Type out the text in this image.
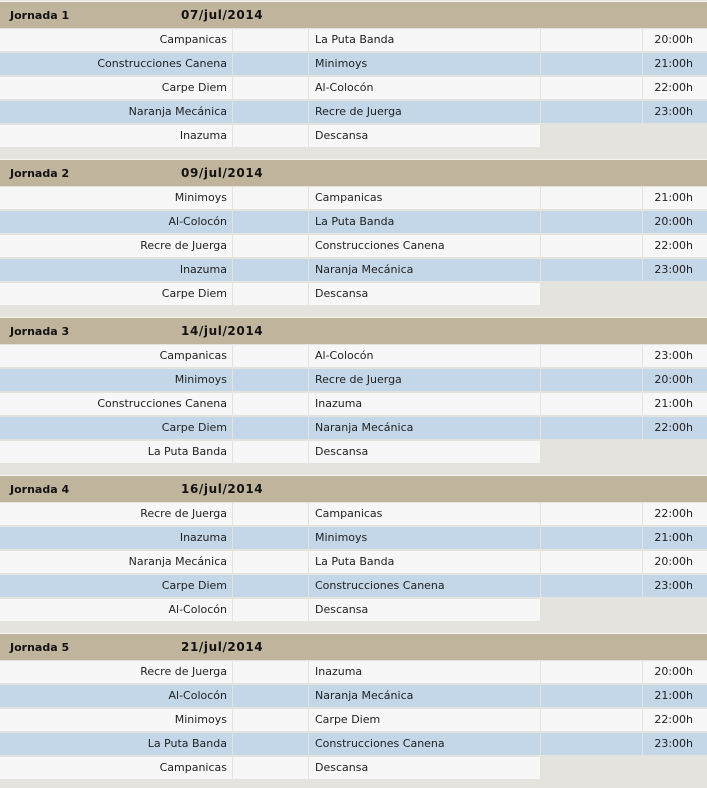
Jornada 1	07/jul/2014
Campanicas	La Puta Banda	20:00h
Construcciones Canena	Minimoys	21:00h
Carpe Diem	Al-Colocón	22:00h
Naranja Mecánica	Recre de Juerga	23:00h
Inazuma	Descansa
Jornada 2	09/jul/2014
Minimoys	Campanicas	21:00h
Al-Colocón	La Puta Banda	20:00h
Recre de Juerga	Construcciones Canena	22:00h
Inazuma	Naranja Mecánica	23:00h
Carpe Diem	Descansa
Jornada 3	14/jul/2014
Campanicas	Al-Colocón	23:00h
Minimoys	Recre de Juerga	20:00h
Construcciones Canena	Inazuma	21:00h
Carpe Diem	Naranja Mecánica	22:00h
La Puta Banda	Descansa
Jornada 4	16/jul/2014
Recre de Juerga	Campanicas	22:00h
Inazuma	Minimoys	21:00h
Naranja Mecánica	La Puta Banda	20:00h
Carpe Diem	Construcciones Canena	23:00h
Al-Colocón	Descansa
Jornada 5	21/jul/2014
Recre de Juerga	Inazuma	20:00h
Al-Colocón	Naranja Mecánica	21:00h
Minimoys	Carpe Diem	22:00h
La Puta Banda	Construcciones Canena	23:00h
Campanicas	Descansa
